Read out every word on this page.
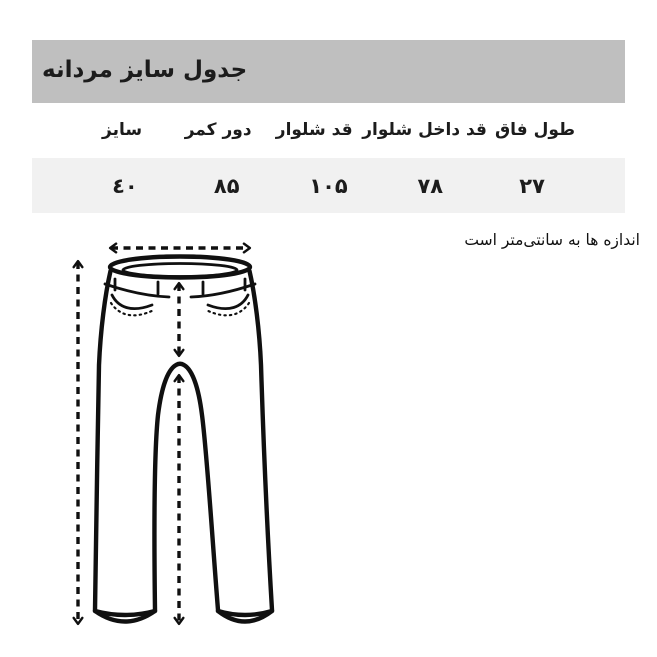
جدول سایز مردانه
طول فاق
قد داخل شلوار
قد شلوار
دور کمر
سایز
۲۷
۷۸
۱۰۵
۸۵
٤٠
اندازه ها به سانتی‌متر است
